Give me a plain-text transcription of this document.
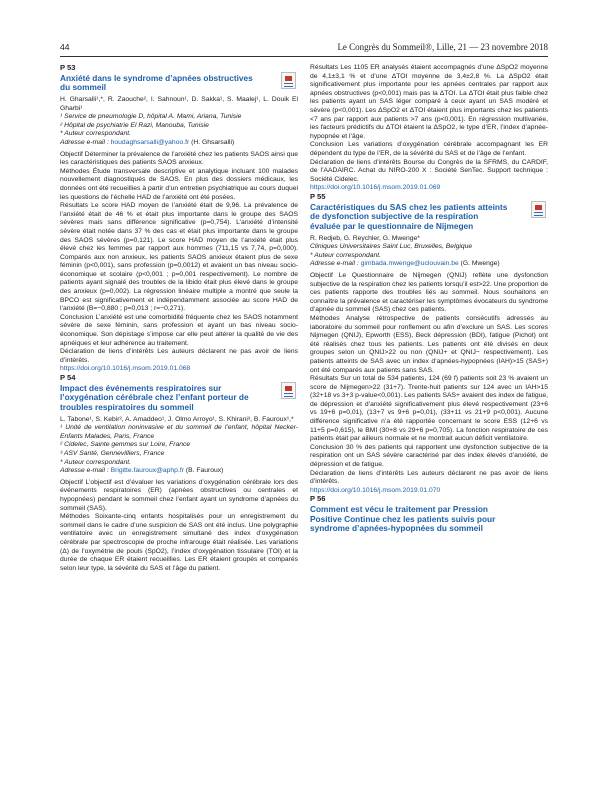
44	Le Congrès du Sommeil®, Lille, 21 — 23 novembre 2018
P 53
Anxiété dans le syndrome d’apnées obstructives du sommeil

H. Gharsalli¹,*, R. Zaouche², I. Sahnoun¹, D. Sakka¹, S. Maalej¹, L. Douik El Gharbi¹

¹ Service de pneumologie D, hôpital A. Mami, Ariana, Tunisie

² Hôpital de psychiatrie El Razi, Manouba, Tunisie

* Auteur correspondant.

Adresse e-mail : houdaghsarsalli@yahoo.fr (H. Ghsarsalli)

Objectif Déterminer la prévalence de l’anxiété chez les patients SAOS ainsi que les caractéristiques des patients SAOS anxieux.

Méthodes Étude transversale descriptive et analytique incluant 100 malades nouvellement diagnostiqués de SAOS. En plus des dossiers médicaux, les données ont été recueillies à partir d’un entretien psychiatrique au cours duquel les questions de l’échelle HAD de l’anxiété ont été posées.

Résultats Le score HAD moyen de l’anxiété était de 9,96. La prévalence de l’anxiété était de 46 % et était plus importante dans le groupe des SAOS sévères mais sans différence significative (p=0,754). L’anxiété d’intensité sévère était notée dans 37 % des cas et était plus importante dans le groupe des SAOS sévères (p=0,121). Le score HAD moyen de l’anxiété était plus élevé chez les femmes par rapport aux hommes (711,15 vs 7,74, p=0,000). Comparés aux non anxieux, les patients SAOS anxieux étaient plus de sexe féminin (p<0,001), sans profession (p=0,0012) et avaient un bas niveau socio-économique et scolaire (p<0,001 ; p=0,001 respectivement). Le nombre de patients ayant signalé des troubles de la libido était plus élevé dans le groupe des anxieux (p=0,002). La régression linéaire multiple a montré que seule la BPCO est significativement et indépendamment associée au score HAD de l’anxiété (B=−0,880 ; p=0,013 ; r=−0,271).

Conclusion L’anxiété est une comorbidité fréquente chez les SAOS notamment sévère de sexe féminin, sans profession et ayant un bas niveau socio-économique. Son dépistage s’impose car elle peut altérer la qualité de vie des apnéiques et leur adhérence au traitement.

Déclaration de liens d’intérêts Les auteurs déclarent ne pas avoir de liens d’intérêts.

https://doi.org/10.1016/j.msom.2019.01.068

P 54
Impact des événements respiratoires sur l’oxygénation cérébrale chez l’enfant porteur de troubles respiratoires du sommeil

L. Tabone¹, S. Kebir², A. Amaddeo¹, J. Olmo Arroyo¹, S. Khirani³, B. Fauroux¹,*

¹ Unité de ventilation noninvasive et du sommeil de l’enfant, hôpital Necker-Enfants Malades, Paris, France

² Cidelec, Sainte gemmes sur Loire, France

³ ASV Santé, Gennevilliers, France

* Auteur correspondant.

Adresse e-mail : Brigitte.fauroux@aphp.fr (B. Fauroux)

Objectif L’objectif est d’évaluer les variations d’oxygénation cérébrale lors des événements respiratoires (ER) (apnées obstructives ou centrales et hypopnées) pendant le sommeil chez l’enfant ayant un syndrome d’apnées du sommeil (SAS).

Méthodes Soixante-cinq enfants hospitalisés pour un enregistrement du sommeil dans le cadre d’une suspicion de SAS ont été inclus. Une polygraphie ventilatoire avec un enregistrement simultané des index d’oxygénation cérébrale par spectroscopie de proche infrarouge était réalisée. Les variations (Δ) de l’oxymétrie de pouls (SpO2), l’index d’oxygénation tissulaire (TOI) et la durée de chaque ER étaient recueillies. Les ER étaient groupés et comparés selon leur type, la sévérité du SAS et l’âge du patient.

Résultats Les 1105 ER analysés étaient accompagnés d’une ΔSpO2 moyenne de 4,1±3,1 % et d’une ΔTOI moyenne de 3,4±2,8 %. La ΔSpO2 était significativement plus importante pour les apnées centrales par rapport aux apnées obstructives (p<0,001) mais pas la ΔTOI. La ΔTOI était plus faible chez les patients ayant un SAS léger comparé à ceux ayant un SAS modéré et sévère (p<0,001). Les ΔSpO2 et ΔTOI étaient plus importants chez les patients <7 ans par rapport aux patients >7 ans (p<0,001). En régression multivariée, les facteurs prédictifs du ΔTOI étaient la ΔSpO2, le type d’ER, l’index d’apnée-hypopnée et l’âge.

Conclusion Les variations d’oxygénation cérébrale accompagnant les ER dépendent du type de l’ER, de la sévérité du SAS et de l’âge de l’enfant.

Déclaration de liens d’intérêts Bourse du Congrès de la SFRMS, du CARDIF, de l’AADAIRC. Achat du NIRO-200 X : Société SenTec. Support technique : Société Cidelec.

https://doi.org/10.1016/j.msom.2019.01.069

P 55
Caractéristiques du SAS chez les patients atteints de dysfonction subjective de la respiration évaluée par le questionnaire de Nijmegen

R. Redjeb, G. Reychler, G. Mwenge*

Cliniques Universitaires Saint Luc, Bruxelles, Belgique

* Auteur correspondant.

Adresse e-mail : gimbada.mwenge@uclouvain.be (G. Mwenge)

Objectif Le Questionnaire de Nijmegen (QNIJ) reflète une dysfonction subjective de la respiration chez les patients lorsqu’il est>22. Une proportion de ces patients rapporte des troubles liés au sommeil. Nous souhaitons en connaître la prévalence et caractériser les symptômes évocateurs du syndrome d’apnée du sommeil (SAS) chez ces patients.

Méthodes Analyse rétrospective de patients consécutifs adressés au laboratoire du sommeil pour ronflement ou afin d’exclure un SAS. Les scores Nijmegen (QNIJ), Epworth (ESS), Beck dépression (BDI), fatigue (Pichot) ont été réalisés chez tous les patients. Les patients ont été divisés en deux groupes selon un QNIJ>22 ou non (QNIJ+ et QNIJ− respectivement). Les patients atteints de SAS avec un index d’apnées-hypopnées (IAH)>15 (SAS+) ont été comparés aux patients sans SAS.

Résultats Sur un total de 534 patients, 124 (69 f) patients soit 23 % avaient un score de Nijmegen>22 (31+7). Trente-huit patients sur 124 avec un IAH>15 (32+18 vs 3+3 p-value<0,001). Les patients SAS+ avaient des index de fatigue, de dépression et d’anxiété significativement plus élevé respectivement (23+6 vs 19+6 p=0,01), (13+7 vs 9+6 p=0,01), (33+11 vs 21+9 p<0,001). Aucune différence significative n’a été rapportée concernant le score ESS (12+6 vs 11+5 p=0,615), le BMI (30+8 vs 29+6 p=0,705). La fonction respiratoire de ces patients était par ailleurs normale et ne montrait aucun déficit ventilatoire.

Conclusion 30 % des patients qui rapportent une dysfonction subjective de la respiration ont un SAS sévère caractérisé par des index élevés d’anxiété, de dépression et de fatigue.

Déclaration de liens d’intérêts Les auteurs déclarent ne pas avoir de liens d’intérêts.

https://doi.org/10.1016/j.msom.2019.01.070

P 56
Comment est vécu le traitement par Pression Positive Continue chez les patients suivis pour syndrome d’apnées-hypopnées du sommeil
